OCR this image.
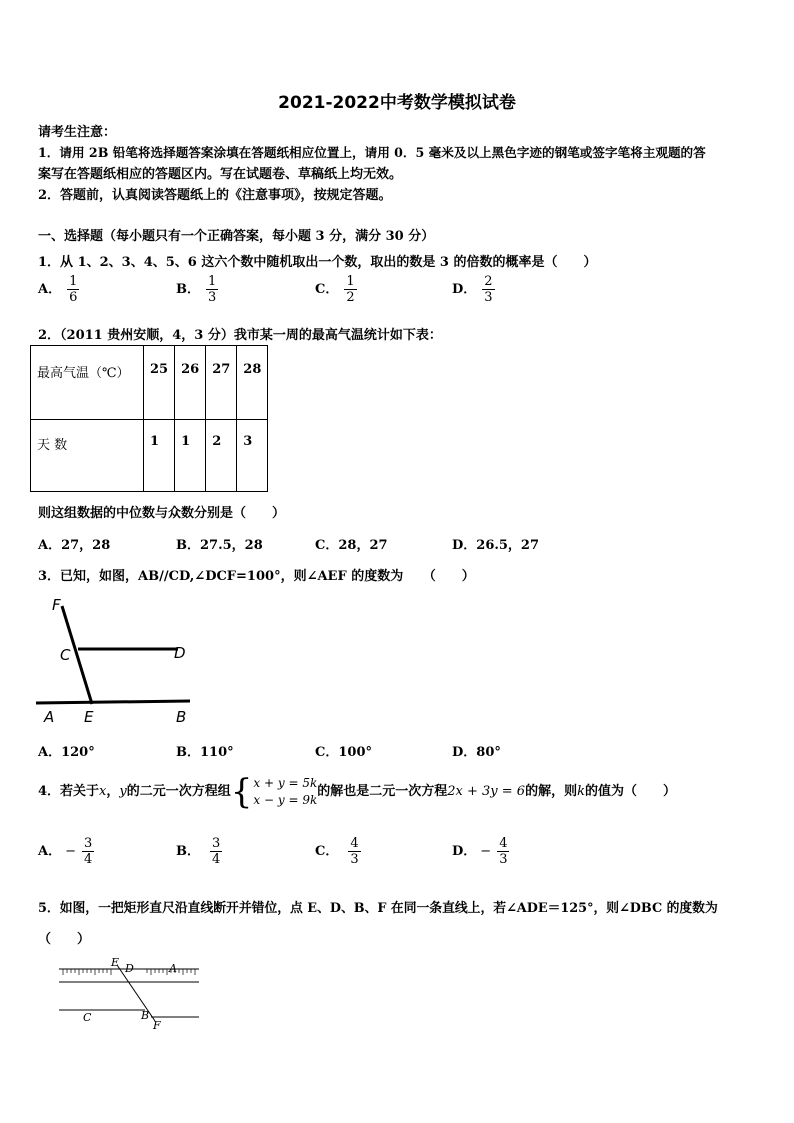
2021-2022中考数学模拟试卷
请考生注意：
1．请用 2B 铅笔将选择题答案涂填在答题纸相应位置上，请用 0．5 毫米及以上黑色字迹的钢笔或签字笔将主观题的答
案写在答题纸相应的答题区内。写在试题卷、草稿纸上均无效。
2．答题前，认真阅读答题纸上的《注意事项》，按规定答题。
一、选择题（每小题只有一个正确答案，每小题 3 分，满分 30 分）
1．从 1、2、3、4、5、6 这六个数中随机取出一个数，取出的数是 3 的倍数的概率是（　　）
A． $\frac{1}{6}$	B． $\frac{1}{3}$	C． $\frac{1}{2}$	D． $\frac{2}{3}$
2．（2011 贵州安顺，4，3 分）我市某一周的最高气温统计如下表：
最高气温（℃）	25	26	27	28
天 数	1	1	2	3
则这组数据的中位数与众数分别是（　　）
A．27，28	B．27.5，28	C．28，27	D．26.5，27
3．已知，如图，AB//CD,∠DCF=100°，则∠AEF 的度数为　　（　　）
F
C	D
A E	B
A．120°	B．110°	C．100°	D．80°
4．若关于x，y的二元一次方程组 { x + y = 5k
x − y = 9k
的解也是二元一次方程2x + 3y = 6的解，则k的值为（　　）
A． − $\frac{3}{4}$	B． $\frac{3}{4}$	C． $\frac{4}{3}$	D． − $\frac{4}{3}$
5．如图，一把矩形直尺沿直线断开并错位，点 E、D、B、F 在同一条直线上，若∠ADE＝125°，则∠DBC 的度数为
（　　）
E D	A
C	B
F
